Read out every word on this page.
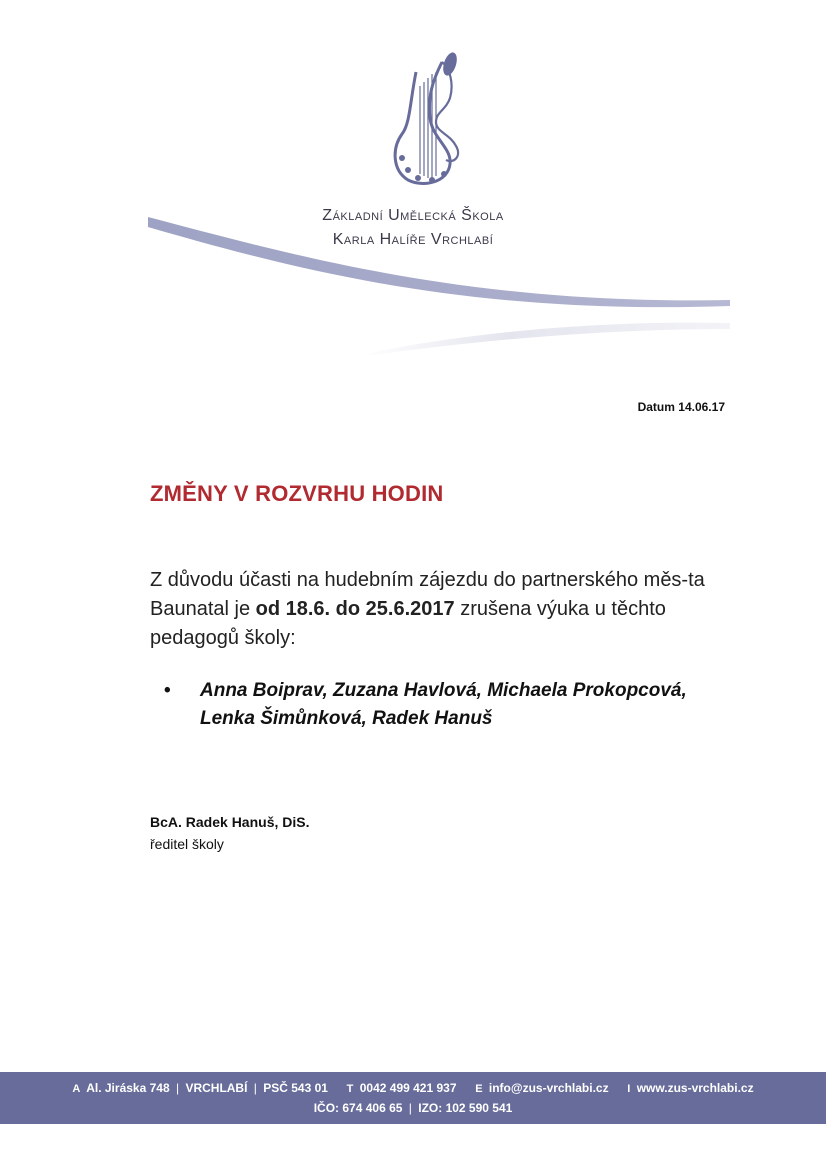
Základní Umělecká Škola
Karla Halíře Vrchlabí
Datum 14.06.17
ZMĚNY V ROZVRHU HODIN

Z důvodu účasti na hudebním zájezdu do partnerského měs-ta Baunatal je od 18.6. do 25.6.2017 zrušena výuka u těchto pedagogů školy:

• Anna Boiprav, Zuzana Havlová, Michaela Prokopcová,
Lenka Šimůnková, Radek Hanuš
BcA. Radek Hanuš, DiS.
ředitel školy
A Al. Jiráska 748 | VRCHLABÍ | PSČ 543 01 T 0042 499 421 937 E info@zus-vrchlabi.cz I www.zus-vrchlabi.cz
IČO: 674 406 65 | IZO: 102 590 541
